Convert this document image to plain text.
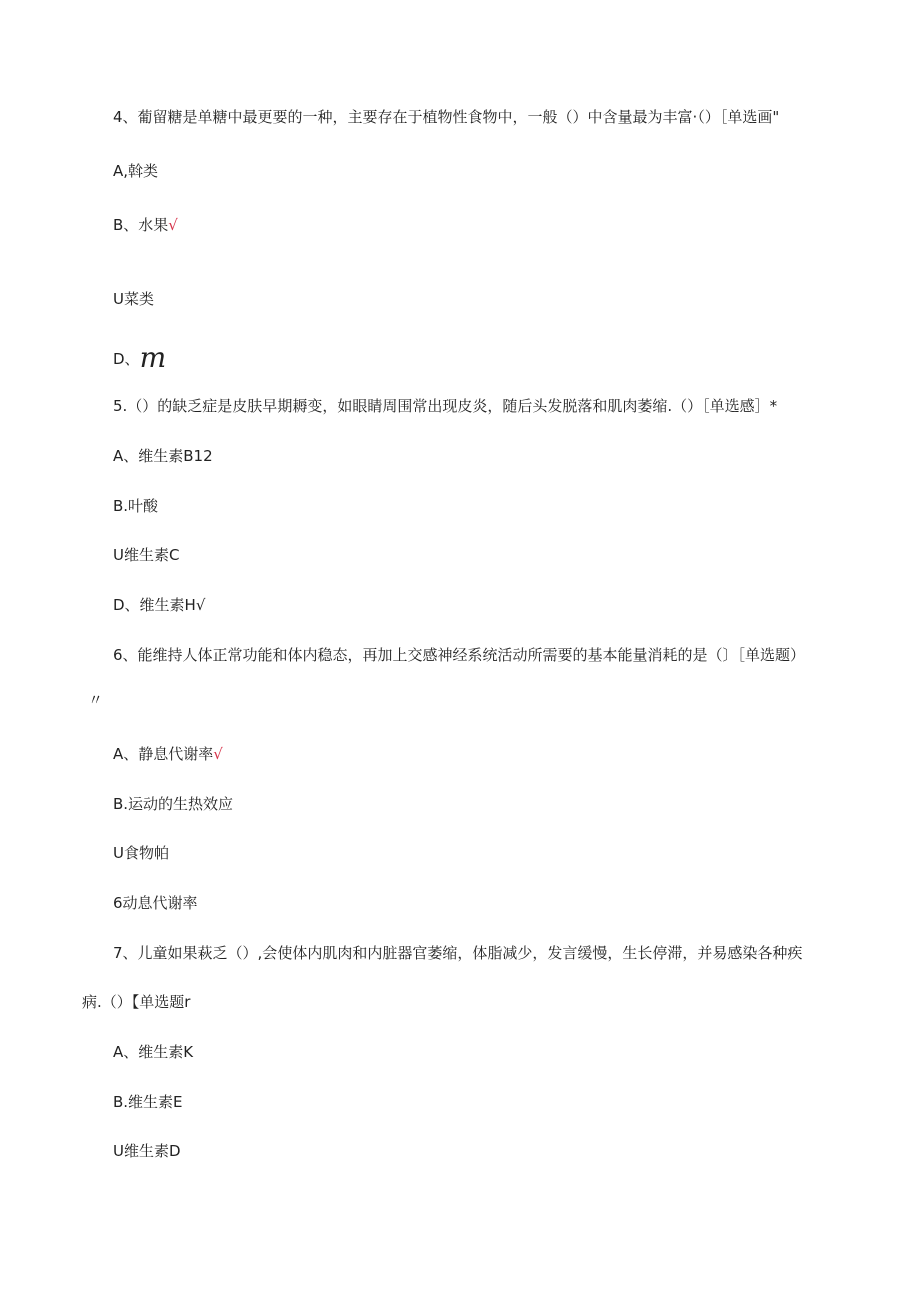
4、葡留糖是单糖中最更要的一种，主要存在于植物性食物中，一般（）中含量最为丰富·（）［单选画"
A,斡类
B、水果√
U菜类
D、m
5.（）的缺乏症是皮肤早期耨变，如眼睛周围常出现皮炎，随后头发脱落和肌肉萎缩.（）［单选感］*
A、维生素B12
B.叶酸
U维生素C
D、维生素H√
6、能维持人体正常功能和体内稳态，再加上交感神经系统活动所需要的基本能量消耗的是（〕［单选题）
〃
A、静息代谢率√
B.运动的生热效应
U食物帕
6动息代谢率
7、儿童如果萩乏（）,会使体内肌肉和内脏器官萎缩，体脂减少，发言缓慢，生长停滞，并易感染各种疾
病.（）【单选题r
A、维生素K
B.维生素E
U维生素D
